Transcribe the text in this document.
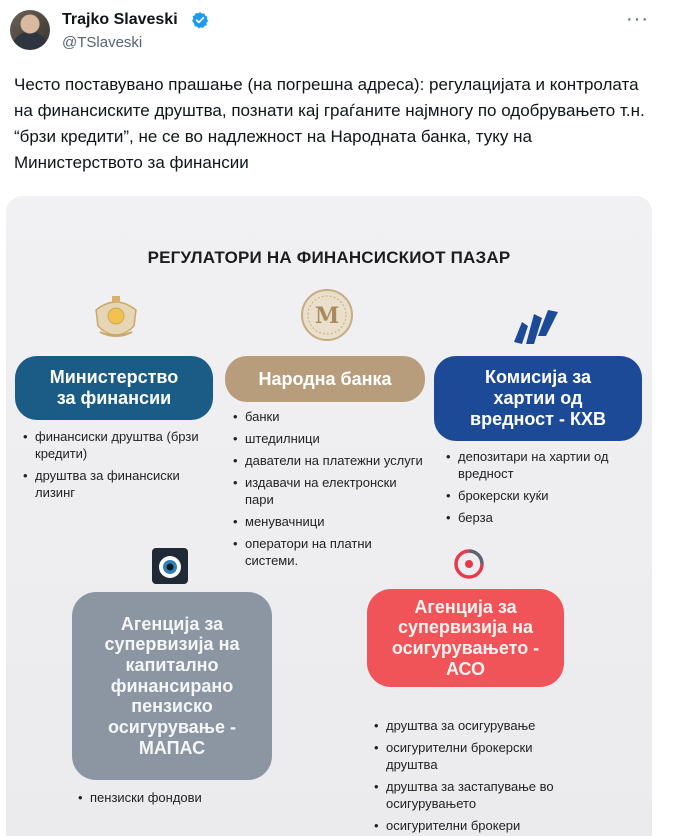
Trajko Slaveski
@TSlaveski
···
Често поставувано прашање (на погрешна адреса): регулацијата и контролата на финансиските друштва, познати кај граѓаните најмногу по одобрувањето т.н. “брзи кредити”, не се во надлежност на Народната банка, туку на Министерството за финансии
РЕГУЛАТОРИ НА ФИНАНСИСКИОТ ПАЗАР
M
Министерство
за финансии
Народна банка	Комисија за
хартии од
вредност - КХВ
• финансиски друштва (брзи кредити)
• друштва за финансиски лизинг
• банки
• штедилници
• даватели на платежни услуги
• издавачи на електронски пари
• менувачници
• оператори на платни системи.
• депозитари на хартии од вредност
• брокерски куќи
• берза
Агенција за
супервизија на
капитално
финансирано
пензиско
осигурување -
МАПАС
Агенција за
супервизија на
осигурувањето -
АСО
• пензиски фондови
• друштва за осигурување
• осигурителни брокерски друштва
• друштва за застапување во осигурувањето
• осигурителни брокери
